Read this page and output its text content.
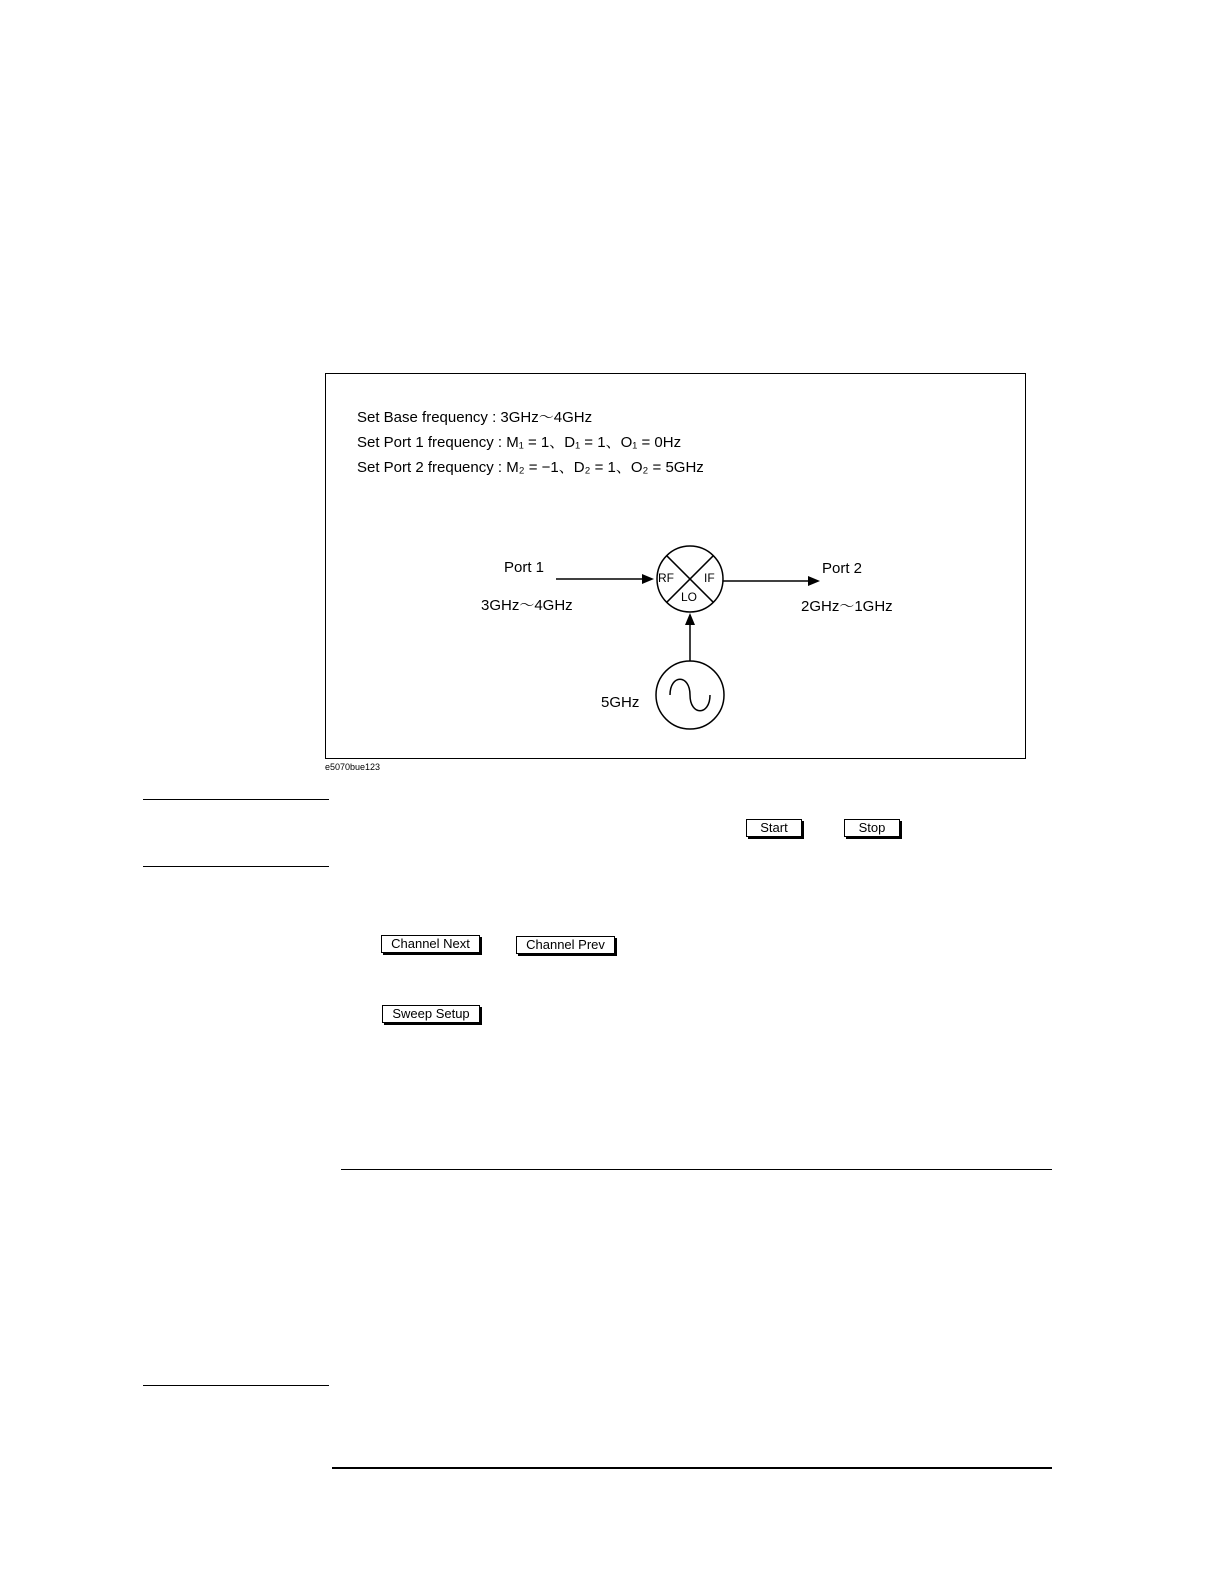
RF	IF
LO
Port 1
3GHz～4GHz
Port 2
2GHz～1GHz
5GHz
Set Base frequency : 3GHz～4GHz
Set Port 1 frequency : M₁ = 1、D₁ = 1、O₁ = 0Hz
Set Port 2 frequency : M₂ = −1、D₂ = 1、O₂ = 5GHz
e5070bue123
Start	Stop
Channel Next	Channel Prev
Sweep Setup
